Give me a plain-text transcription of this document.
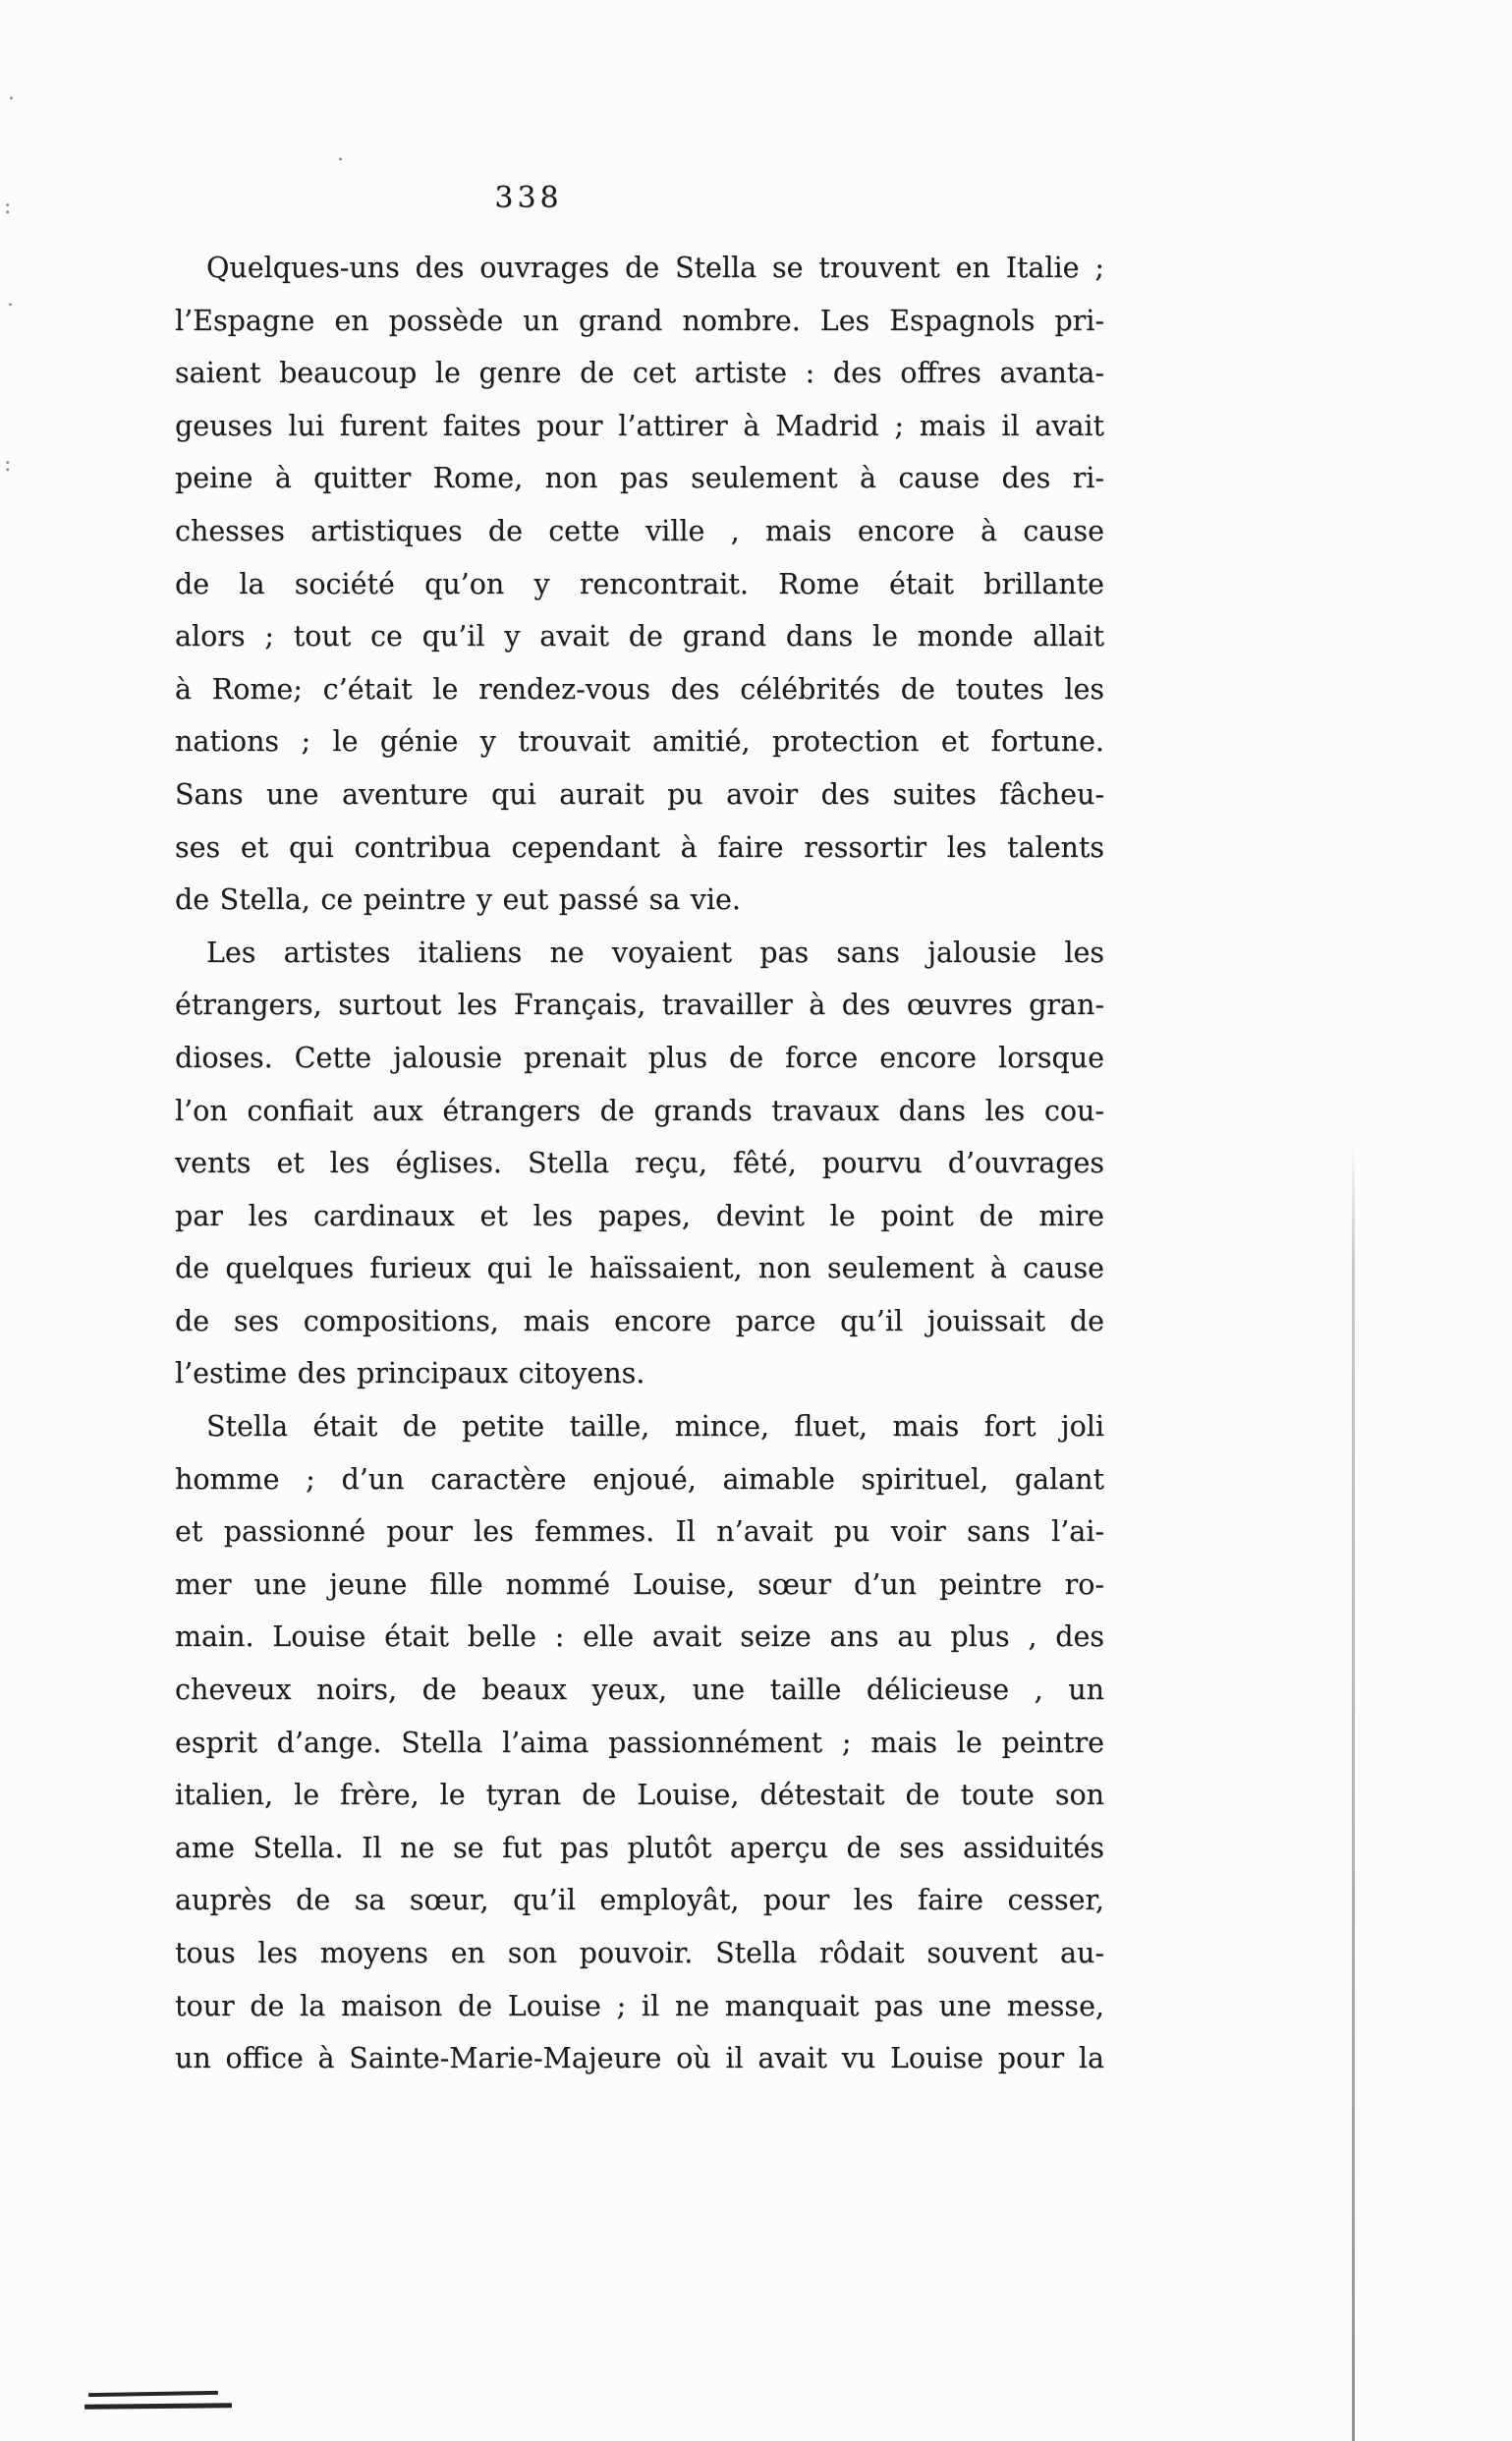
338
Quelques-uns des ouvrages de Stella se trouvent en Italie ;
l’Espagne en possède un grand nombre. Les Espagnols pri-
saient beaucoup le genre de cet artiste : des offres avanta-
geuses lui furent faites pour l’attirer à Madrid ; mais il avait
peine à quitter Rome, non pas seulement à cause des ri-
chesses artistiques de cette ville , mais encore à cause
de la société qu’on y rencontrait. Rome était brillante
alors ; tout ce qu’il y avait de grand dans le monde allait
à Rome; c’était le rendez-vous des célébrités de toutes les
nations ; le génie y trouvait amitié, protection et fortune.
Sans une aventure qui aurait pu avoir des suites fâcheu-
ses et qui contribua cependant à faire ressortir les talents
de Stella, ce peintre y eut passé sa vie.
Les artistes italiens ne voyaient pas sans jalousie les
étrangers, surtout les Français, travailler à des œuvres gran-
dioses. Cette jalousie prenait plus de force encore lorsque
l’on confiait aux étrangers de grands travaux dans les cou-
vents et les églises. Stella reçu, fêté, pourvu d’ouvrages
par les cardinaux et les papes, devint le point de mire
de quelques furieux qui le haïssaient, non seulement à cause
de ses compositions, mais encore parce qu’il jouissait de
l’estime des principaux citoyens.
Stella était de petite taille, mince, fluet, mais fort joli
homme ; d’un caractère enjoué, aimable spirituel, galant
et passionné pour les femmes. Il n’avait pu voir sans l’ai-
mer une jeune fille nommé Louise, sœur d’un peintre ro-
main. Louise était belle : elle avait seize ans au plus , des
cheveux noirs, de beaux yeux, une taille délicieuse , un
esprit d’ange. Stella l’aima passionnément ; mais le peintre
italien, le frère, le tyran de Louise, détestait de toute son
ame Stella. Il ne se fut pas plutôt aperçu de ses assiduités
auprès de sa sœur, qu’il employât, pour les faire cesser,
tous les moyens en son pouvoir. Stella rôdait souvent au-
tour de la maison de Louise ; il ne manquait pas une messe,
un office à Sainte-Marie-Majeure où il avait vu Louise pour la
.
:
.
:
.
